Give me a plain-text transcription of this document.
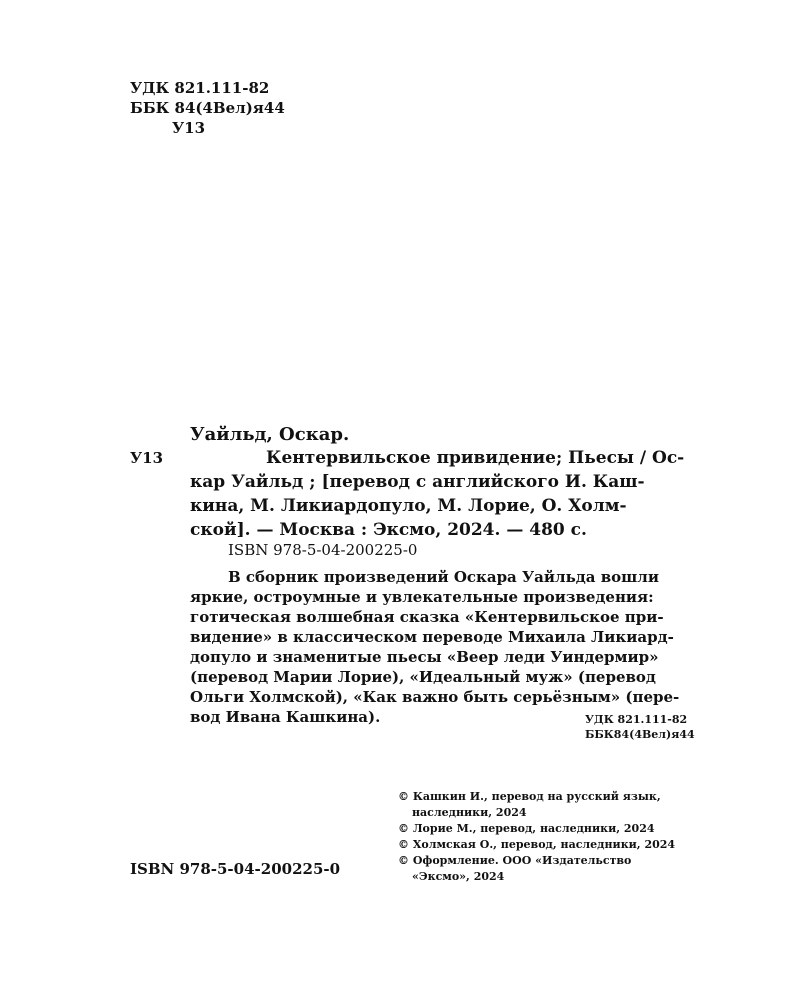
УДК 821.111-82
ББК 84(4Вел)я44
У13
Уайльд, Оскар.
У13	Кентервильское привидение; Пьесы / Ос-
кар Уайльд ; [перевод с английского И. Каш-
кина, М. Ликиардопуло, М. Лорие, О. Холм-
ской]. — Москва : Эксмо, 2024. — 480 с.
ISBN 978-5-04-200225-0
В сборник произведений Оскара Уайльда вошли
яркие, остроумные и увлекательные произведения:
готическая волшебная сказка «Кентервильское при-
видение» в классическом переводе Михаила Ликиард-
допуло и знаменитые пьесы «Веер леди Уиндермир»
(перевод Марии Лорие), «Идеальный муж» (перевод
Ольги Холмской), «Как важно быть серьёзным» (пере-
вод Ивана Кашкина).	УДК 821.111-82
ББК84(4Вел)я44
© Кашкин И., перевод на русский язык,
наследники, 2024
© Лорие М., перевод, наследники, 2024
© Холмская О., перевод, наследники, 2024
© Оформление. ООО «Издательство
«Эксмо», 2024
ISBN 978-5-04-200225-0
